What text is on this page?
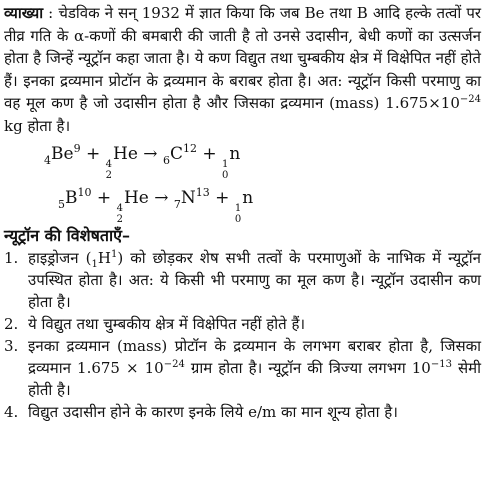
व्याख्या : चेडविक ने सन् 1932 में ज्ञात किया कि जब Be तथा B आदि हल्के तत्वों पर तीव्र गति के α-कणों की बमबारी की जाती है तो उनसे उदासीन, बेधी कणों का उत्सर्जन होता है जिन्हें न्यूट्रॉन कहा जाता है। ये कण विद्युत तथा चुम्बकीय क्षेत्र में विक्षेपित नहीं होते हैं। इनका द्रव्यमान प्रोटॉन के द्रव्यमान के बराबर होता है। अत: न्यूट्रॉन किसी परमाणु का वह मूल कण है जो उदासीन होता है और जिसका द्रव्यमान (mass) $1.675\times 10^{-24}$ kg होता है।

$_4Be^9$ +
4
2
$He \to _6C^{12}$ +
1
0
n

$_5B^{10}$ +
4
2
$He \to _7N^{13}$ +
1
0
n

न्यूट्रॉन की विशेषताएँ–

1. हाइड्रोजन $(_1H^1)$ को छोड़कर शेष सभी तत्वों के परमाणुओं के नाभिक में न्यूट्रॉन उपस्थित होता है। अत: ये किसी भी परमाणु का मूल कण है। न्यूट्रॉन उदासीन कण होता है।
2. ये विद्युत तथा चुम्बकीय क्षेत्र में विक्षेपित नहीं होते हैं।
3. इनका द्रव्यमान (mass) प्रोटॉन के द्रव्यमान के लगभग बराबर होता है, जिसका द्रव्यमान $1.675 \times 10^{-24}$ ग्राम होता है। न्यूट्रॉन की त्रिज्या लगभग $10^{-13}$ सेमी होती है।
4. विद्युत उदासीन होने के कारण इनके लिये e/m का मान शून्य होता है।
